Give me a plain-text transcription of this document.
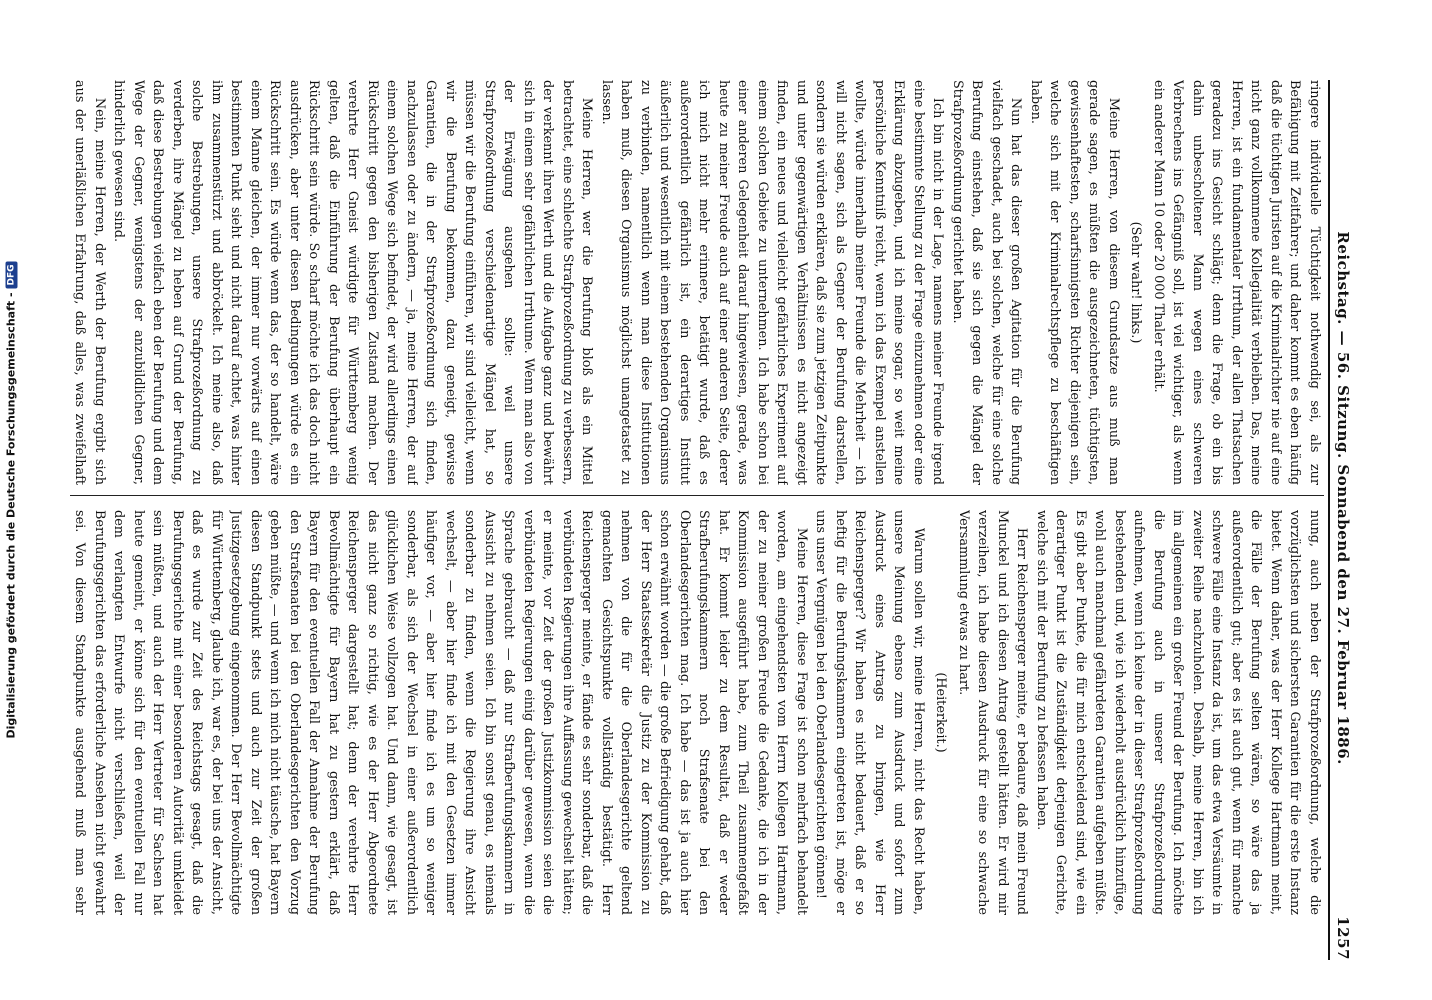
Reichstag. — 56. Sitzung. Sonnabend den 27. Februar 1886.
1257

ringere individuelle Tüchtigkeit nothwendig sei, als zur Befähigung mit Zeitfahrer; und daher kommt es eben häufig daß die tüchtigen Juristen auf die Kriminalrichter nie auf eine nicht ganz vollkommene Kollegialität verbleiben. Das, meine Herren, ist ein fundamentaler Irrthum, der allen Thatsachen geradezu ins Gesicht schlägt; denn die Frage, ob ein bis dahin unbescholtener Mann wegen eines schweren Verbrechens ins Gefängniß soll, ist viel wichtiger, als wenn ein anderer Mann 10 oder 20 000 Thaler erhält.

(Sehr wahr! links.)

Meine Herren, von diesem Grundsatze aus muß man gerade sagen, es müßten die ausgezeichneten, tüchtigsten, gewissenhaftesten, scharfsinnigsten Richter diejenigen sein, welche sich mit der Kriminalrechtspflege zu beschäftigen haben.

Nun hat das dieser großen Agitation für die Berufung vielfach geschadet, auch bei solchen, welche für eine solche Berufung einstehen, daß sie sich gegen die Mängel der Strafprozeßordnung gerichtet haben.

Ich bin nicht in der Lage, namens meiner Freunde irgend eine bestimmte Stellung zu der Frage einzunehmen oder eine Erklärung abzugeben, und ich meine sogar, so weit meine persönliche Kenntniß reicht, wenn ich das Exempel anstellen wollte, würde innerhalb meiner Freunde die Mehrheit — ich will nicht sagen, sich als Gegner der Berufung darstellen, sondern sie würden erklären, daß sie zum jetzigen Zeitpunkte und unter gegenwärtigen Verhältnissen es nicht angezeigt finden, ein neues und vielleicht gefährliches Experiment auf einem solchen Gebiete zu unternehmen. Ich habe schon bei einer anderen Gelegenheit darauf hingewiesen, gerade, was heute zu meiner Freude auch auf einer anderen Seite, derer ich mich nicht mehr erinnere, betätigt wurde, daß es außerordentlich gefährlich ist, ein derartiges Institut äußerlich und wesentlich mit einem bestehenden Organismus zu verbinden, namentlich wenn man diese Institutionen haben muß, diesen Organismus möglichst unangetastet zu lassen.

Meine Herren, wer die Berufung bloß als ein Mittel betrachtet, eine schlechte Strafprozeßordnung zu verbessern, der verkennt ihren Werth und die Aufgabe ganz und bewährt sich in einem sehr gefährlichen Irrthume. Wenn man also von der Erwägung ausgehen sollte: weil unsere Strafprozeßordnung verschiedenartige Mängel hat, so müssen wir die Berufung einführen, wir sind vielleicht, wenn wir die Berufung bekommen, dazu geneigt, gewisse Garantien, die in der Strafprozeßordnung sich finden, nachzulassen oder zu ändern, — ja, meine Herren, der auf einem solchen Wege sich befindet, der wird allerdings einen Rückschritt gegen den bisherigen Zustand machen. Der verehrte Herr Gneist würdigte für Württemberg wenig gelten, daß die Einführung der Berufung überhaupt ein Rückschritt sein würde. So scharf möchte ich das doch nicht ausdrücken, aber unter diesen Bedingungen würde es ein Rückschritt sein. Es würde wenn das, der so handelt, wäre einem Manne gleichen, der immer nur vorwärts auf einen bestimmten Punkt sieht und nicht darauf achtet, was hinter ihm zusammenstürzt und abbröckelt. Ich meine also, daß solche Bestrebungen, unsere Strafprozeßordnung zu verderben, ihre Mängel zu heben auf Grund der Berufung, daß diese Bestrebungen vielfach eben der Berufung und dem Wege der Gegner, wenigstens der anzubildlichen Gegner, hinderlich gewesen sind.

Nein, meine Herren, der Werth der Berufung ergibt sich aus der unerläßlichen Erfahrung, daß alles, was zweifelhaft

nung, auch neben der Strafprozeßordnung, welche die vorzüglichsten und sichersten Garantien für die erste Instanz bietet. Wenn daher, was der Herr Kollege Hartmann meint, die Fälle der Berufung selten wären, so wäre das ja außerordentlich gut; aber es ist auch gut, wenn für manche schwere Fälle eine Instanz da ist, um das etwa Versäumte in zweiter Reihe nachzuholen. Deshalb, meine Herren, bin ich im allgemeinen ein großer Freund der Berufung. Ich möchte die Berufung auch in unserer Strafprozeßordnung aufnehmen, wenn ich keine der in dieser Strafprozeßordnung bestehenden und, wie ich wiederholt ausdrücklich hinzufüge, wohl auch manchmal gefährdeten Garantien aufgeben müßte. Es gibt aber Punkte, die für mich entscheidend sind, wie ein derartiger Punkt ist die Zuständigkeit derjenigen Gerichte, welche sich mit der Berufung zu befassen haben.

Herr Reichensperger meinte, er bedaure, daß mein Freund Munckel und ich diesen Antrag gestellt hätten. Er wird mir verzeihen, ich habe diesen Ausdruck für eine so schwache Versammlung etwas zu hart.

(Heiterkeit.)

Warum sollen wir, meine Herren, nicht das Recht haben, unsere Meinung ebenso zum Ausdruck und sofort zum Ausdruck eines Antrags zu bringen, wie Herr Reichensperger? Wir haben es nicht bedauert, daß er so heftig für die Berufungskammern eingetreten ist, möge er uns unser Vergnügen bei den Oberlandesgerichten gönnen!

Meine Herren, diese Frage ist schon mehrfach behandelt worden, am eingehendsten vom Herrn Kollegen Hartmann, der zu meiner großen Freude die Gedanke, die ich in der Kommission ausgeführt habe, zum Theil zusammengefaßt hat. Er kommt leider zu dem Resultat, daß er weder Strafberufungskammern noch Strafsenate bei den Oberlandesgerichten mag. Ich habe — das ist ja auch hier schon erwähnt worden — die große Befriedigung gehabt, daß der Herr Staatssekretär die Justiz zu der Kommission zu nehmen von die für die Oberlandesgerichte geltend gemachten Gesichtspunkte vollständig bestätigt. Herr Reichensperger meinte, er fände es sehr sonderbar, daß die verbündeten Regierungen ihre Auffassung gewechselt hätten; er meinte, vor Zeit der großen Justizkommission seien die verbündeten Regierungen einig darüber gewesen, wenn die Sprache gebraucht — daß nur Strafberufungskammern in Aussicht zu nehmen seien. Ich bin sonst genau, es niemals sonderbar zu finden, wenn die Regierung ihre Ansicht wechselt, — aber hier finde ich mit den Gesetzen immer häufiger vor, — aber hier finde ich es um so weniger sonderbar, als sich der Wechsel in einer außerordentlich glücklichen Weise vollzogen hat. Und dann, wie gesagt, ist das nicht ganz so richtig, wie es der Herr Abgeordnete Reichensperger dargestellt hat; denn der verehrte Herr Bevollmächtigte für Bayern hat zu gestern erklärt, daß Bayern für den eventuellen Fall der Annahme der Berufung den Strafsenaten bei den Oberlandesgerichten den Vorzug geben müßte, — und wenn ich mich nicht täusche, hat Bayern diesen Standpunkt stets und auch zur Zeit der großen Justizgesetzgebung eingenommen. Der Herr Bevollmächtigte für Württemberg, glaube ich, war es, der bei uns der Ansicht, daß es wurde zur Zeit des Reichstags gesagt, daß die Berufungsgerichte mit einer besonderen Autorität umkleidet sein müßten, und auch der Herr Vertreter für Sachsen hat heute gemeint, er könne sich für den eventuellen Fall nur dem verlangten Entwurfe nicht verschließen, weil der Berufungsgerichten das erforderliche Ansehen nicht gewahrt sei. Von diesem Standpunkte ausgehend muß man sehr

Digitalisierung gefördert durch die Deutsche Forschungsgemeinschaft -
DFG
